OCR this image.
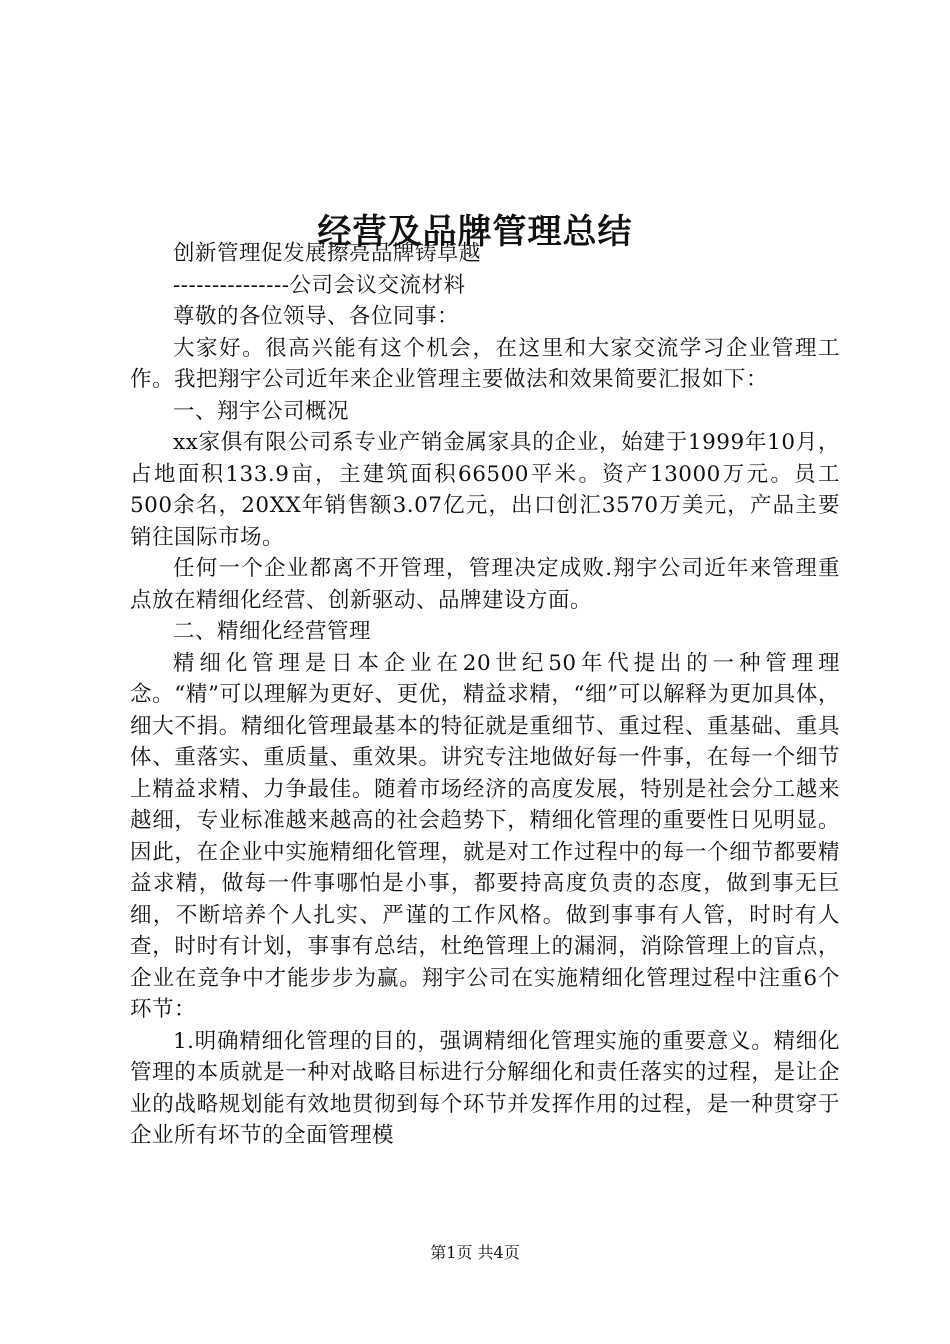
经营及品牌管理总结

创新管理促发展擦亮品牌铸卓越

---------------公司会议交流材料

尊敬的各位领导、各位同事：

大家好。很高兴能有这个机会，在这里和大家交流学习企业管理工作。我把翔宇公司近年来企业管理主要做法和效果简要汇报如下：

一、翔宇公司概况

xx家俱有限公司系专业产销金属家具的企业，始建于1999年10月，占地面积133.9亩，主建筑面积66500平米。资产13000万元。员工500余名，20XX年销售额3.07亿元，出口创汇3570万美元，产品主要销往国际市场。

任何一个企业都离不开管理，管理决定成败.翔宇公司近年来管理重点放在精细化经营、创新驱动、品牌建设方面。

二、精细化经营管理

精细化管理是日本企业在20世纪50年代提出的一种管理理念。“精”可以理解为更好、更优，精益求精，“细”可以解释为更加具体，细大不捐。精细化管理最基本的特征就是重细节、重过程、重基础、重具体、重落实、重质量、重效果。讲究专注地做好每一件事，在每一个细节上精益求精、力争最佳。随着市场经济的高度发展，特别是社会分工越来越细，专业标准越来越高的社会趋势下，精细化管理的重要性日见明显。因此，在企业中实施精细化管理，就是对工作过程中的每一个细节都要精益求精，做每一件事哪怕是小事，都要持高度负责的态度，做到事无巨细，不断培养个人扎实、严谨的工作风格。做到事事有人管，时时有人查，时时有计划，事事有总结，杜绝管理上的漏洞，消除管理上的盲点，企业在竞争中才能步步为赢。翔宇公司在实施精细化管理过程中注重6个环节：

1.明确精细化管理的目的，强调精细化管理实施的重要意义。精细化管理的本质就是一种对战略目标进行分解细化和责任落实的过程，是让企业的战略规划能有效地贯彻到每个环节并发挥作用的过程，是一种贯穿于企业所有坏节的全面管理模

第1页 共4页
